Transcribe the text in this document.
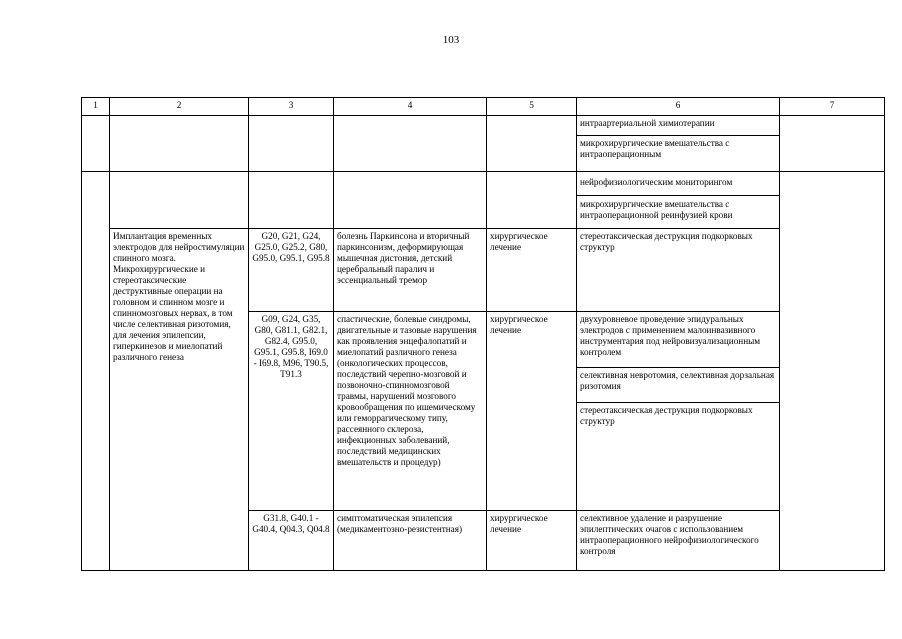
103
1	2	3	4	5	6	7
					интраартериальной химиотерапии	
					микрохирургические вмешательства с интраоперационным	
					нейрофизиологическим мониторингом	
					микрохирургические вмешательства с интраоперационной реинфузией крови	
	Имплантация временных электродов для нейростимуляции спинного мозга. Микрохирургические и стереотаксические деструктивные операции на головном и спинном мозге и спинномозговых нервах, в том числе селективная ризотомия, для лечения эпилепсии, гиперкинезов и миелопатий различного генеза	G20, G21, G24, G25.0, G25.2, G80, G95.0, G95.1, G95.8	болезнь Паркинсона и вторичный паркинсонизм, деформирующая мышечная дистония, детский церебральный паралич и эссенциальный тремор	хирургическое лечение	стереотаксическая деструкция подкорковых структур	
		G09, G24, G35, G80, G81.1, G82.1, G82.4, G95.0, G95.1, G95.8, I69.0 - I69.8, M96, T90.5, T91.3	спастические, болевые синдромы, двигательные и тазовые нарушения как проявления энцефалопатий и миелопатий различного генеза (онкологических процессов, последствий черепно-мозговой и позвоночно-спинномозговой травмы, нарушений мозгового кровообращения по ишемическому или геморрагическому типу, рассеянного склероза, инфекционных заболеваний, последствий медицинских вмешательств и процедур)	хирургическое лечение	двухуровневое проведение эпидуральных электродов с применением малоинвазивного инструментария под нейровизуализационным контролем	
					селективная невротомия, селективная дорзальная ризотомия	
					стереотаксическая деструкция подкорковых структур	
		G31.8, G40.1 - G40.4, Q04.3, Q04.8	симптоматическая эпилепсия (медикаментозно-резистентная)	хирургическое лечение	селективное удаление и разрушение эпилептических очагов с использованием интраоперационного нейрофизиологического контроля	
